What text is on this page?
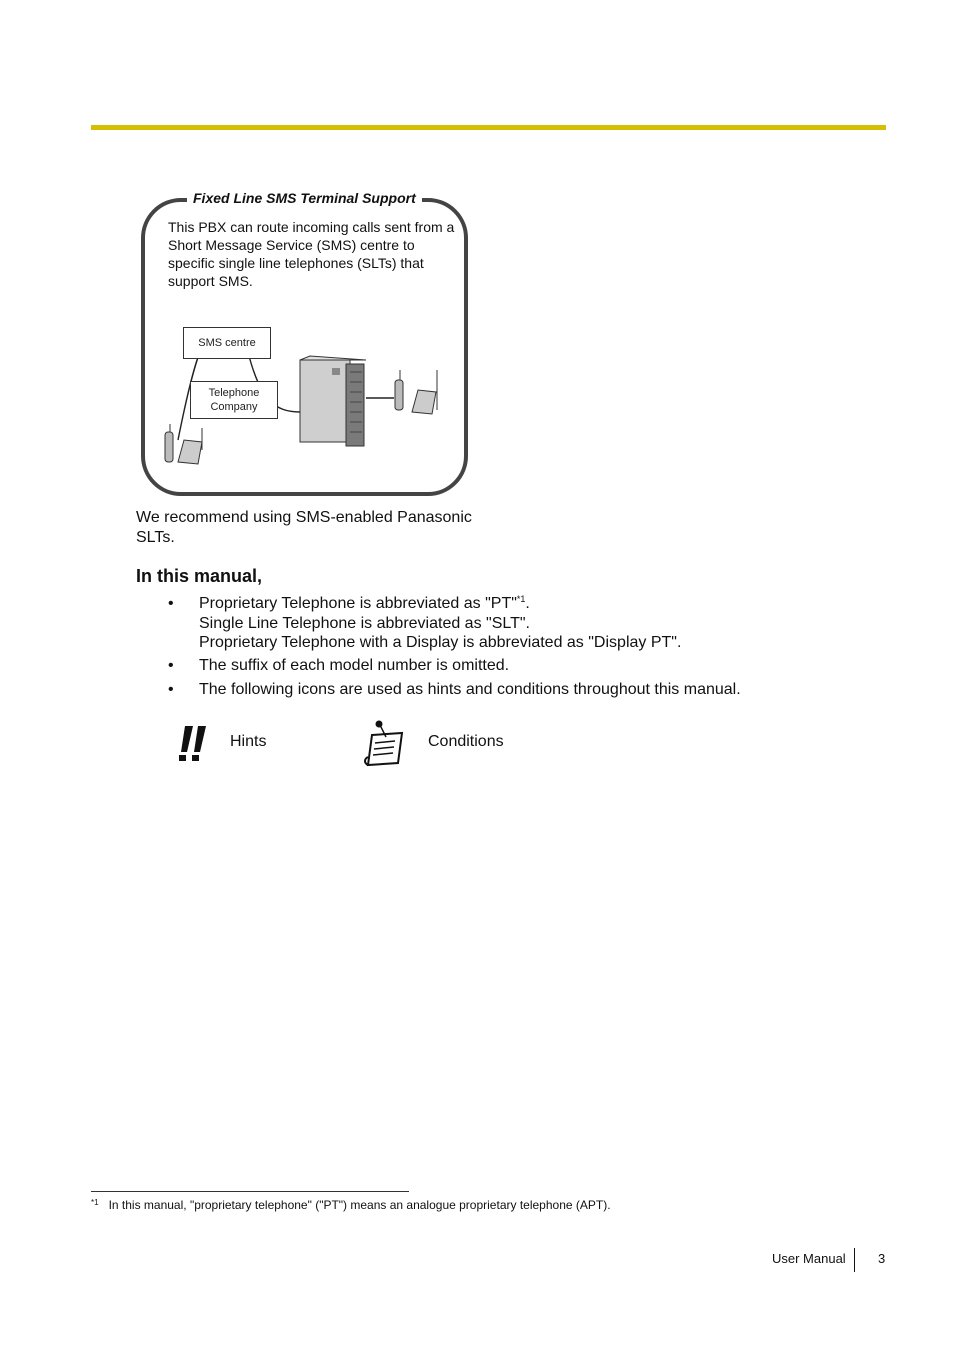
Fixed Line SMS Terminal Support
This PBX can route incoming calls sent from a Short Message Service (SMS) centre to specific single line telephones (SLTs) that support SMS.
SMS centre
Telephone
Company
We recommend using SMS-enabled Panasonic SLTs.
In this manual,
• Proprietary Telephone is abbreviated as "PT"$^{*1}$.
Single Line Telephone is abbreviated as "SLT".
Proprietary Telephone with a Display is abbreviated as "Display PT".
• The suffix of each model number is omitted.
• The following icons are used as hints and conditions throughout this manual.
Hints	Conditions
$^{*1}$ In this manual, "proprietary telephone" ("PT") means an analogue proprietary telephone (APT).
User Manual 3
